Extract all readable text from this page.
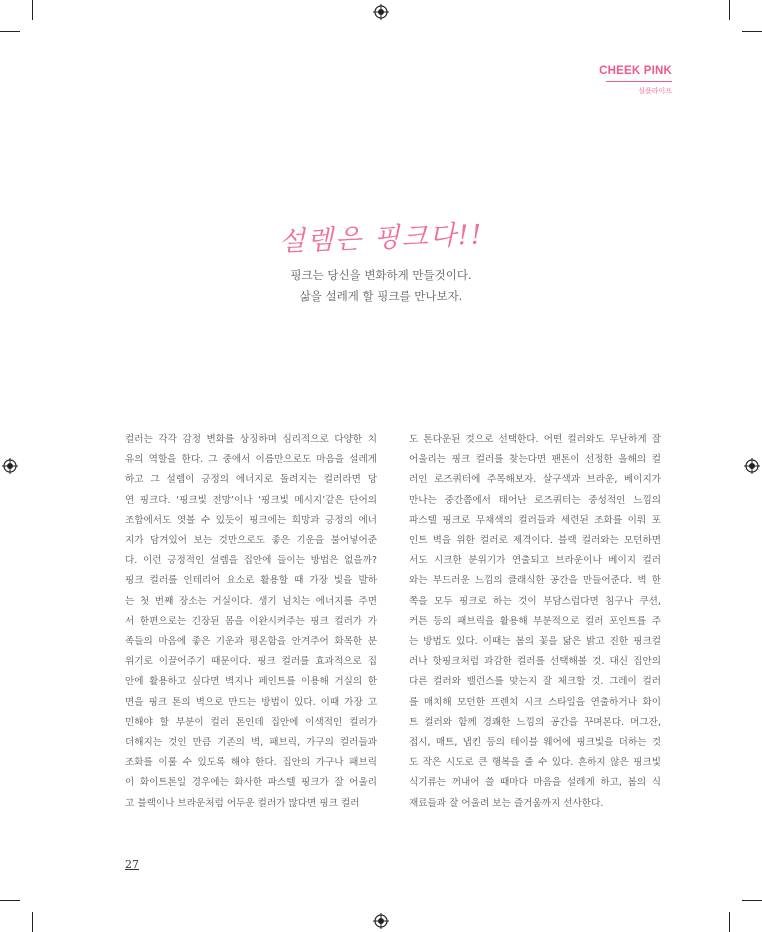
CHEEK PINK
심플라이프
설렘은 핑크다!!
핑크는 당신을 변화하게 만들것이다.
삶을 설레게 할 핑크를 만나보자.

컬러는 각각 감정 변화를 상징하며 심리적으로 다양한 치

유의 역할을 한다. 그 중에서 이름만으로도 마음을 설레게

하고 그 설렘이 긍정의 에너지로 돌려지는 컬러라면 당

연 핑크다. ‘핑크빛 전망’이나 ‘핑크빛 메시지’같은 단어의

조합에서도 엿볼 수 있듯이 핑크에는 희망과 긍정의 에너

지가 담겨있어 보는 것만으로도 좋은 기운을 불어넣어준

다. 이런 긍정적인 설렘을 집안에 들이는 방법은 없을까?

핑크 컬러를 인테리어 요소로 활용할 때 가장 빛을 발하

는 첫 번째 장소는 거실이다. 생기 넘치는 에너지를 주면

서 한편으로는 긴장된 몸을 이완시켜주는 핑크 컬러가 가

족들의 마음에 좋은 기운과 평온함을 안겨주어 화목한 분

위기로 이끌어주기 때문이다. 핑크 컬러를 효과적으로 집

안에 활용하고 싶다면 벽지나 페인트를 이용해 거실의 한

면을 핑크 톤의 벽으로 만드는 방법이 있다. 이때 가장 고

민해야 할 부분이 컬러 톤인데 집안에 이색적인 컬러가

더해지는 것인 만큼 기존의 벽, 패브릭, 가구의 컬러들과

조화를 이룰 수 있도록 해야 한다. 집안의 가구나 패브릭

이 화이트톤일 경우에는 화사한 파스텔 핑크가 잘 어울리

고 블랙이나 브라운처럼 어두운 컬러가 많다면 핑크 컬러

도 톤다운된 것으로 선택한다. 어떤 컬러와도 무난하게 잘

어울리는 핑크 컬러를 찾는다면 팬톤이 선정한 올해의 컬

러인 로즈쿼터에 주목해보자. 살구색과 브라운, 베이지가

만나는 중간쯤에서 태어난 로즈쿼터는 중성적인 느낌의

파스텔 핑크로 무채색의 컬러들과 세련된 조화를 이뤄 포

인트 벽을 위한 컬러로 제격이다. 블랙 컬러와는 모던하면

서도 시크한 분위기가 연출되고 브라운이나 베이지 컬러

와는 부드러운 느낌의 클래식한 공간을 만들어준다. 벽 한

쪽을 모두 핑크로 하는 것이 부담스럽다면 침구나 쿠션,

커튼 등의 패브릭을 활용해 부분적으로 컬러 포인트를 주

는 방법도 있다. 이때는 봄의 꽃을 닮은 밝고 진한 핑크컬

러나 핫핑크처럼 과감한 컬러를 선택해볼 것. 대신 집안의

다른 컬러와 밸런스를 맞는지 잘 체크할 것. 그레이 컬러

를 매치해 모던한 프렌치 시크 스타일을 연출하거나 화이

트 컬러와 함께 경쾌한 느낌의 공간을 꾸며본다. 머그잔,

접시, 매트, 냅킨 등의 테이블 웨어에 핑크빛을 더하는 것

도 작은 시도로 큰 행복을 줄 수 있다. 흔하지 않은 핑크빛

식기류는 꺼내어 쓸 때마다 마음을 설레게 하고, 봄의 식

재료들과 잘 어울려 보는 즐거움까지 선사한다.

27
